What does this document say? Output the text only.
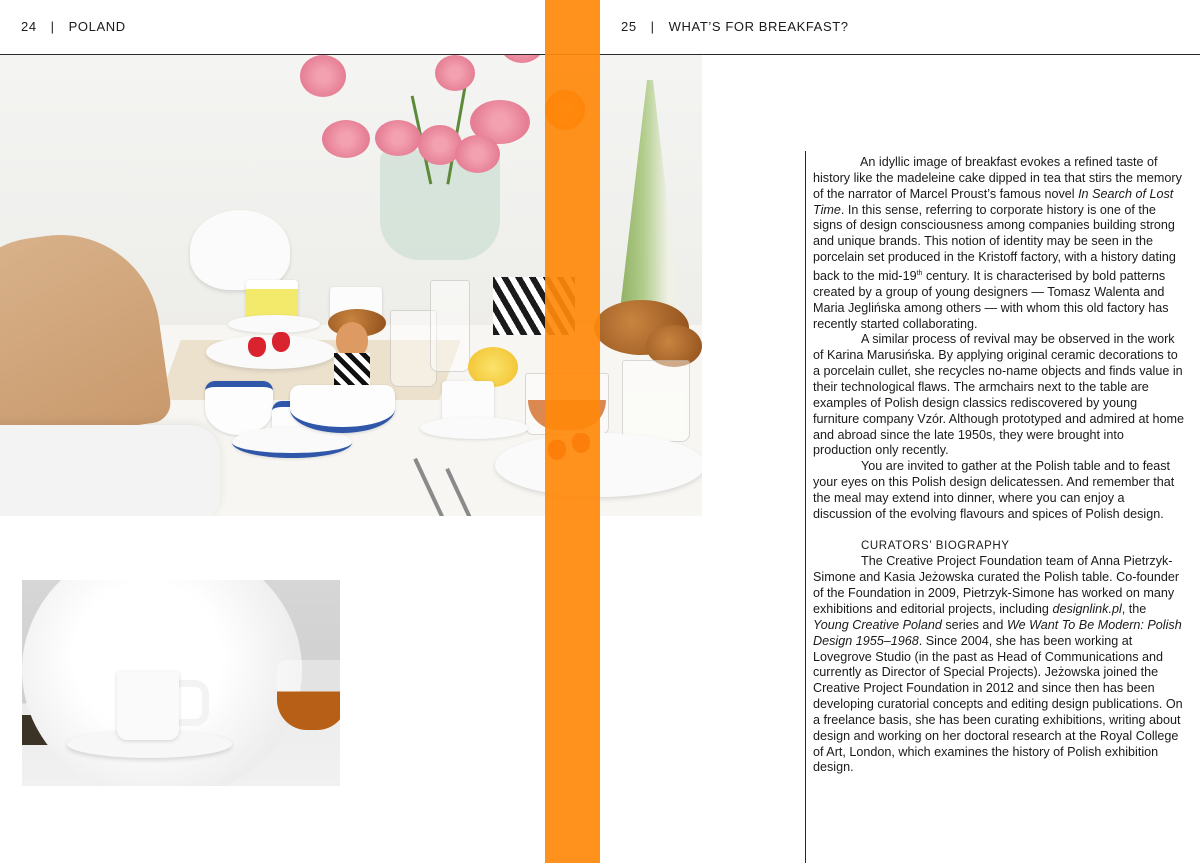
24 | POLAND	25 | WHAT’S FOR BREAKFAST?

An idyllic image of breakfast evokes a refined taste of history like the madeleine cake dipped in tea that stirs the memory of the narrator of Marcel Proust’s famous novel In Search of Lost Time. In this sense, referring to corporate history is one of the signs of design consciousness among companies building strong and unique brands. This notion of identity may be seen in the porcelain set produced in the Kristoff factory, with a history dating back to the mid-19th century. It is characterised by bold patterns created by a group of young designers — Tomasz Walenta and Maria Jeglińska among others — with whom this old factory has recently started collaborating.

A similar process of revival may be observed in the work of Karina Marusińska. By applying original ceramic decorations to a porcelain cullet, she recycles no-name objects and finds value in their technological flaws. The armchairs next to the table are examples of Polish design classics rediscovered by young furniture company Vzór. Although prototyped and admired at home and abroad since the late 1950s, they were brought into production only recently.

You are invited to gather at the Polish table and to feast your eyes on this Polish design delicatessen. And remember that the meal may extend into dinner, where you can enjoy a discussion of the evolving flavours and spices of Polish design.

CURATORS’ BIOGRAPHY

The Creative Project Foundation team of Anna Pietrzyk-Simone and Kasia Jeżowska curated the Polish table. Co-founder of the Foundation in 2009, Pietrzyk-Simone has worked on many exhibitions and editorial projects, including designlink.pl, the Young Creative Poland series and We Want To Be Modern: Polish Design 1955–1968. Since 2004, she has been working at Lovegrove Studio (in the past as Head of Communications and currently as Director of Special Projects). Jeżowska joined the Creative Project Foundation in 2012 and since then has been developing curatorial concepts and editing design publications. On a freelance basis, she has been curating exhibitions, writing about design and working on her doctoral research at the Royal College of Art, London, which examines the history of Polish exhibition design.
